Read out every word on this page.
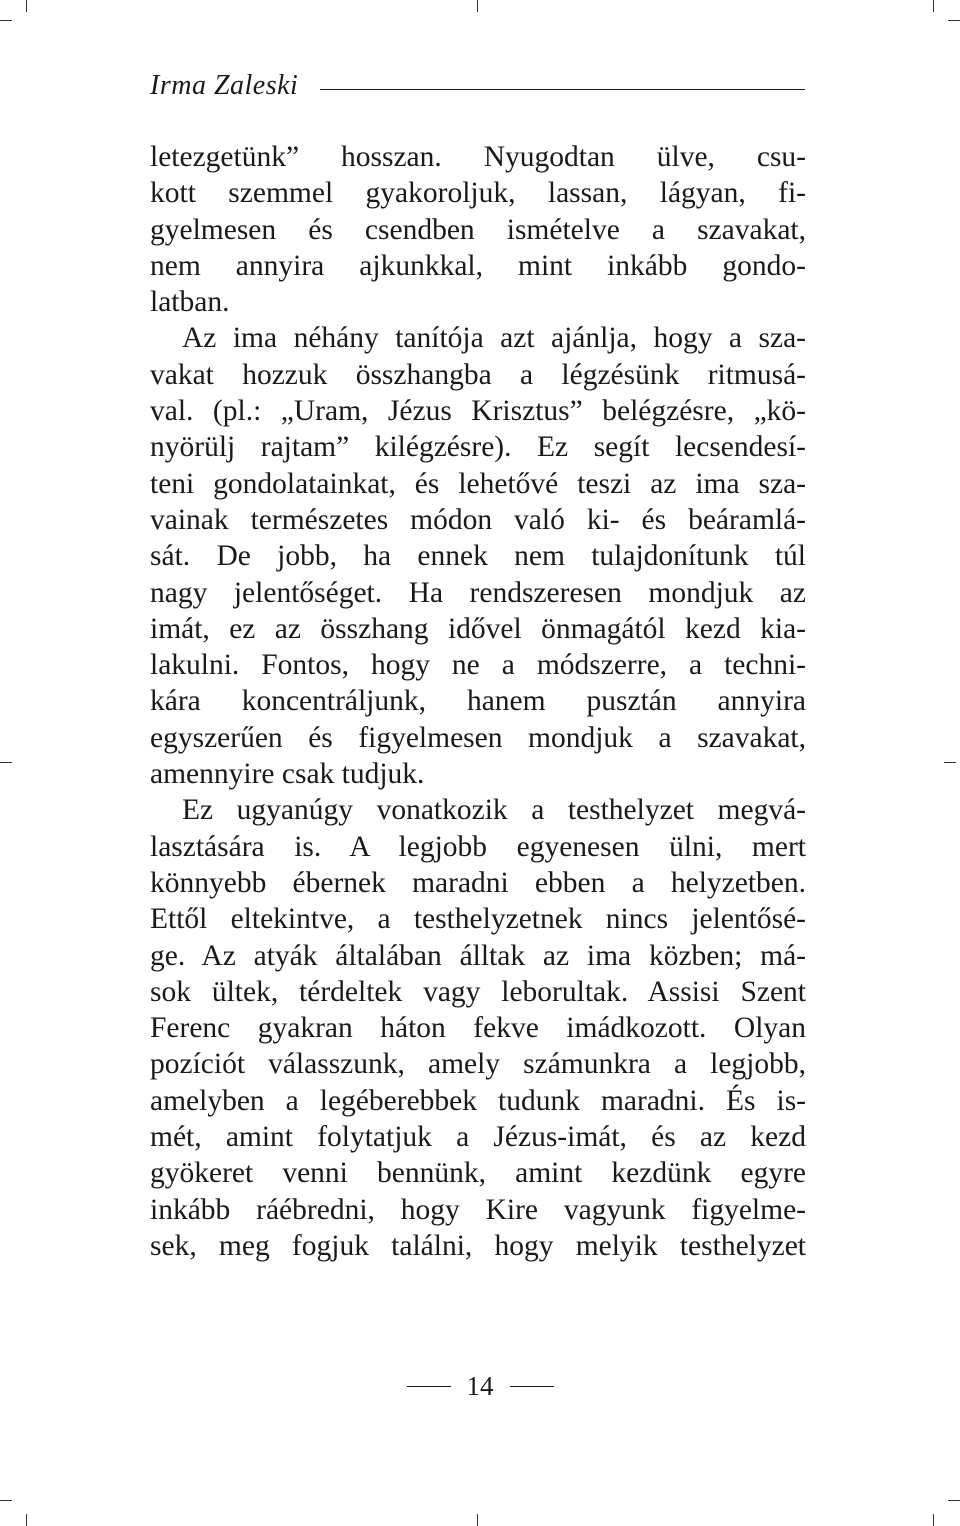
Irma Zaleski
letezgetünk” hosszan. Nyugodtan ülve, csu-
kott szemmel gyakoroljuk, lassan, lágyan, fi-
gyelmesen és csendben ismételve a szavakat,
nem annyira ajkunkkal, mint inkább gondo-
latban.
Az ima néhány tanítója azt ajánlja, hogy a sza-
vakat hozzuk összhangba a légzésünk ritmusá-
val. (pl.: „Uram, Jézus Krisztus” belégzésre, „kö-
nyörülj rajtam” kilégzésre). Ez segít lecsendesí-
teni gondolatainkat, és lehetővé teszi az ima sza-
vainak természetes módon való ki- és beáramlá-
sát. De jobb, ha ennek nem tulajdonítunk túl
nagy jelentőséget. Ha rendszeresen mondjuk az
imát, ez az összhang idővel önmagától kezd kia-
lakulni. Fontos, hogy ne a módszerre, a techni-
kára koncentráljunk, hanem pusztán annyira
egyszerűen és figyelmesen mondjuk a szavakat,
amennyire csak tudjuk.
Ez ugyanúgy vonatkozik a testhelyzet megvá-
lasztására is. A legjobb egyenesen ülni, mert
könnyebb ébernek maradni ebben a helyzetben.
Ettől eltekintve, a testhelyzetnek nincs jelentősé-
ge. Az atyák általában álltak az ima közben; má-
sok ültek, térdeltek vagy leborultak. Assisi Szent
Ferenc gyakran háton fekve imádkozott. Olyan
pozíciót válasszunk, amely számunkra a legjobb,
amelyben a legéberebbek tudunk maradni. És is-
mét, amint folytatjuk a Jézus-imát, és az kezd
gyökeret venni bennünk, amint kezdünk egyre
inkább ráébredni, hogy Kire vagyunk figyelme-
sek, meg fogjuk találni, hogy melyik testhelyzet
14
